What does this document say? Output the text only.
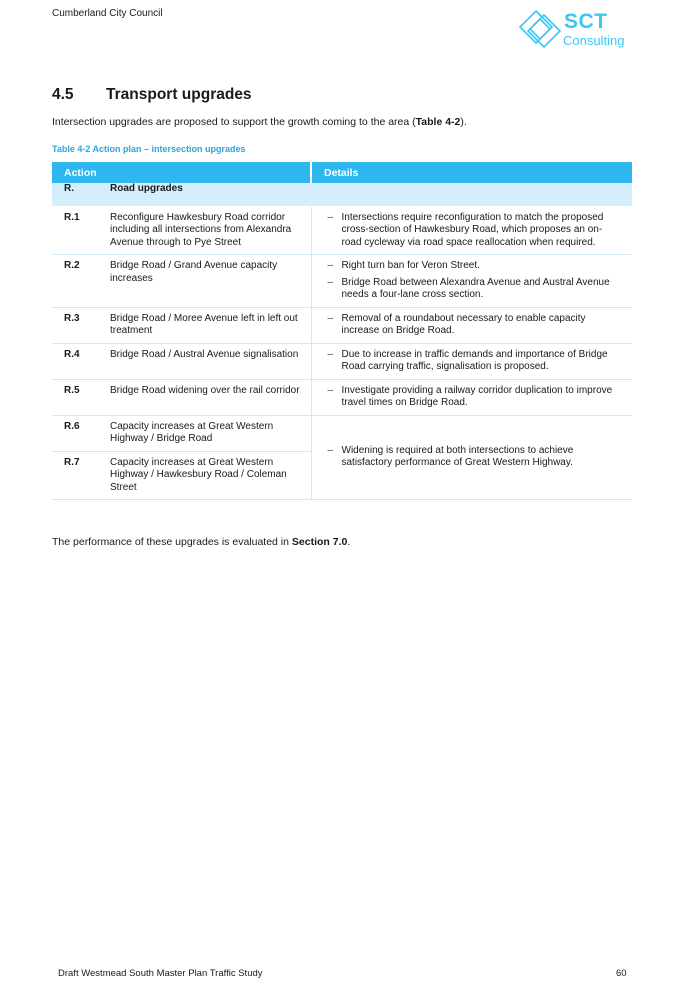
Cumberland City Council	SCT
Consulting
4.5 Transport upgrades

Intersection upgrades are proposed to support the growth coming to the area (Table 4-2).

Table 4-2 Action plan – intersection upgrades
Action		Details
R.	Road upgrades	
R.1	Reconfigure Hawkesbury Road corridor including all intersections from Alexandra Avenue through to Pye Street	– Intersections require reconfiguration to match the proposed cross-section of Hawkesbury Road, which proposes an on-road cycleway via road space reallocation when required.

R.2	Bridge Road / Grand Avenue capacity increases	– Right turn ban for Veron Street.
– Bridge Road between Alexandra Avenue and Austral Avenue needs a four-lane cross section.

R.3	Bridge Road / Moree Avenue left in left out treatment	– Removal of a roundabout necessary to enable capacity increase on Bridge Road.

R.4	Bridge Road / Austral Avenue signalisation	– Due to increase in traffic demands and importance of Bridge Road carrying traffic, signalisation is proposed.

R.5	Bridge Road widening over the rail corridor	– Investigate providing a railway corridor duplication to improve travel times on Bridge Road.

R.6	Capacity increases at Great Western Highway / Bridge Road	– Widening is required at both intersections to achieve satisfactory performance of Great Western Highway.

R.7	Capacity increases at Great Western Highway / Hawkesbury Road / Coleman Street	

The performance of these upgrades is evaluated in Section 7.0.

Draft Westmead South Master Plan Traffic Study	60
